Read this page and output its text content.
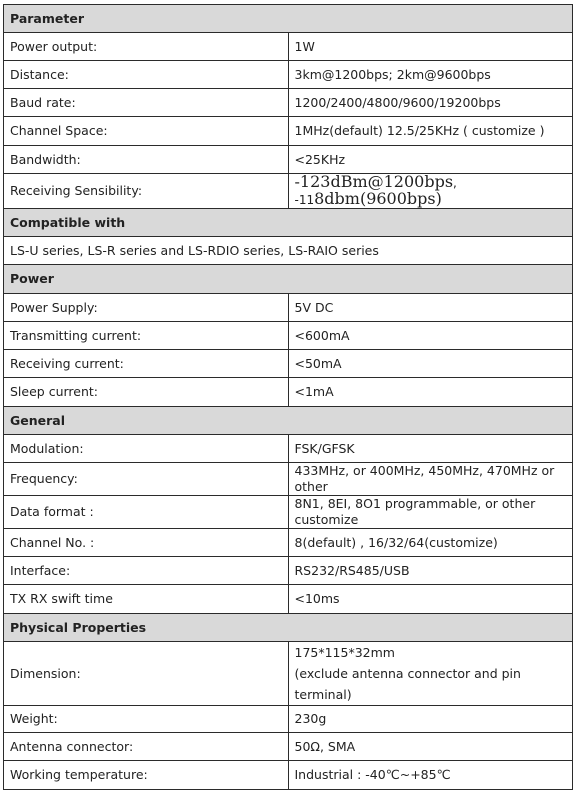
Parameter	
Power output:	1W
Distance:	3km@1200bps; 2km@9600bps
Baud rate:	1200/2400/4800/9600/19200bps
Channel Space:	1MHz(default) 12.5/25KHz ( customize )
Bandwidth:	<25KHz
Receiving Sensibility:	-123dBm@1200bps, -118dbm(9600bps)
Compatible with	
LS-U series, LS-R series and LS-RDIO series, LS-RAIO series	
Power	
Power Supply:	5V DC
Transmitting current:	<600mA
Receiving current:	<50mA
Sleep current:	<1mA
General	
Modulation:	FSK/GFSK
Frequency:	433MHz, or 400MHz, 450MHz, 470MHz or other
Data format :	8N1, 8EI, 8O1 programmable, or other customize
Channel No. :	8(default) , 16/32/64(customize)
Interface:	RS232/RS485/USB
TX RX swift time	<10ms
Physical Properties	
Dimension:	175*115*32mm
(exclude antenna connector and pin terminal)

Weight:	230g
Antenna connector:	50Ω, SMA
Working temperature:	Industrial : -40℃~+85℃
